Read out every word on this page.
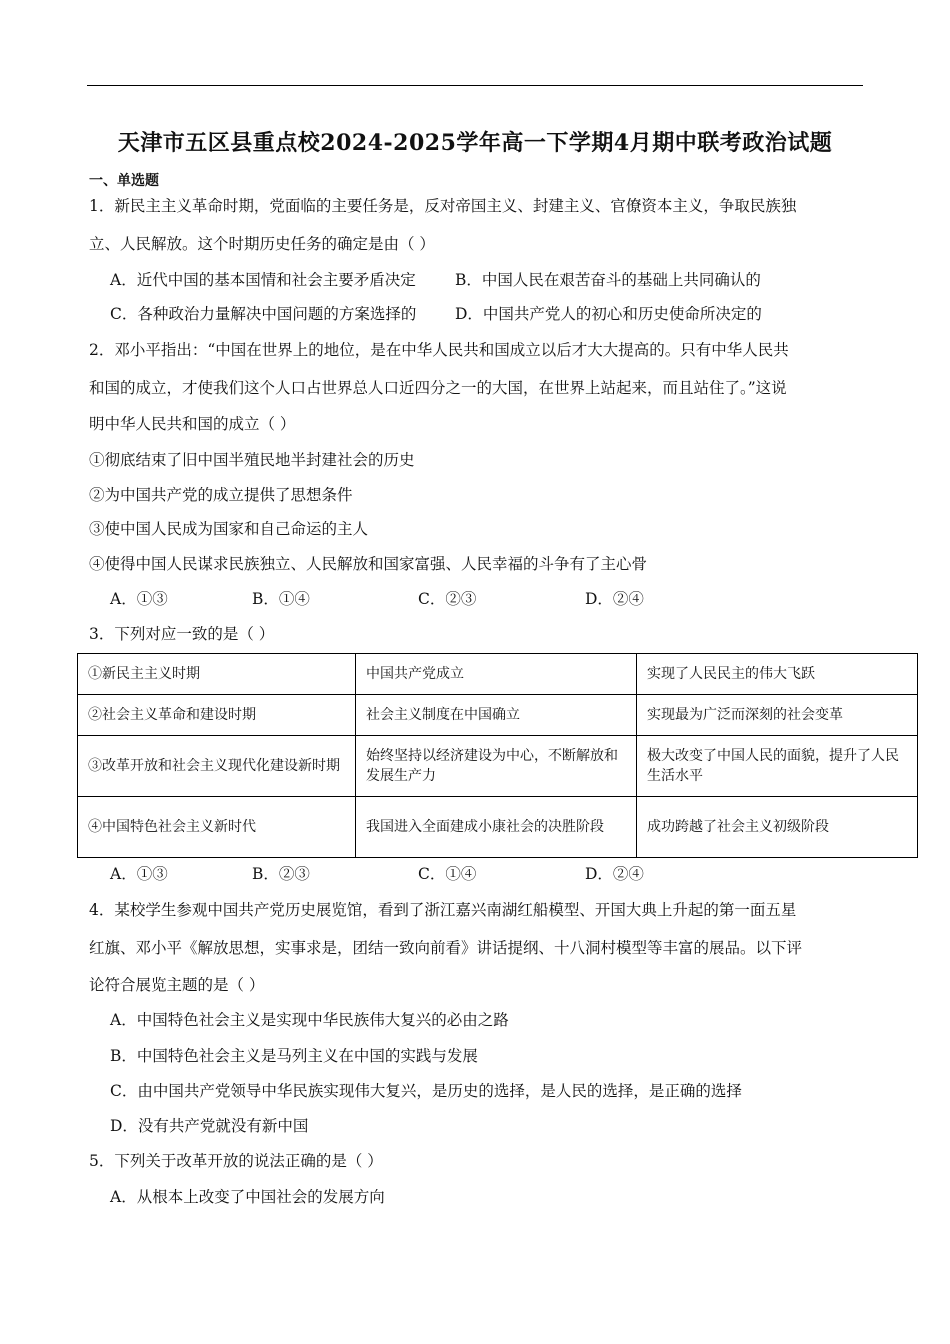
天津市五区县重点校2024-2025学年高一下学期4月期中联考政治试题
一、单选题
1．新民主主义革命时期，党面临的主要任务是，反对帝国主义、封建主义、官僚资本主义，争取民族独
立、人民解放。这个时期历史任务的确定是由（ ）
A．近代中国的基本国情和社会主要矛盾决定	B．中国人民在艰苦奋斗的基础上共同确认的
C．各种政治力量解决中国问题的方案选择的 D．中国共产党人的初心和历史使命所决定的
2．邓小平指出：“中国在世界上的地位，是在中华人民共和国成立以后才大大提高的。只有中华人民共
和国的成立，才使我们这个人口占世界总人口近四分之一的大国，在世界上站起来，而且站住了。”这说
明中华人民共和国的成立（ ）
①彻底结束了旧中国半殖民地半封建社会的历史
②为中国共产党的成立提供了思想条件
③使中国人民成为国家和自己命运的主人
④使得中国人民谋求民族独立、人民解放和国家富强、人民幸福的斗争有了主心骨
A．①③	B．①④	C．②③	D．②④
3．下列对应一致的是（ ）
①新民主主义时期	中国共产党成立	实现了人民民主的伟大飞跃
②社会主义革命和建设时期	社会主义制度在中国确立	实现最为广泛而深刻的社会变革
③改革开放和社会主义现代化建设新时期	始终坚持以经济建设为中心，不断解放和发展生产力	极大改变了中国人民的面貌，提升了人民生活水平
④中国特色社会主义新时代	我国进入全面建成小康社会的决胜阶段	成功跨越了社会主义初级阶段
A．①③	B．②③	C．①④	D．②④
4．某校学生参观中国共产党历史展览馆，看到了浙江嘉兴南湖红船模型、开国大典上升起的第一面五星
红旗、邓小平《解放思想，实事求是，团结一致向前看》讲话提纲、十八洞村模型等丰富的展品。以下评
论符合展览主题的是（ ）
A．中国特色社会主义是实现中华民族伟大复兴的必由之路
B．中国特色社会主义是马列主义在中国的实践与发展
C．由中国共产党领导中华民族实现伟大复兴，是历史的选择，是人民的选择，是正确的选择
D．没有共产党就没有新中国
5．下列关于改革开放的说法正确的是（ ）
A．从根本上改变了中国社会的发展方向
